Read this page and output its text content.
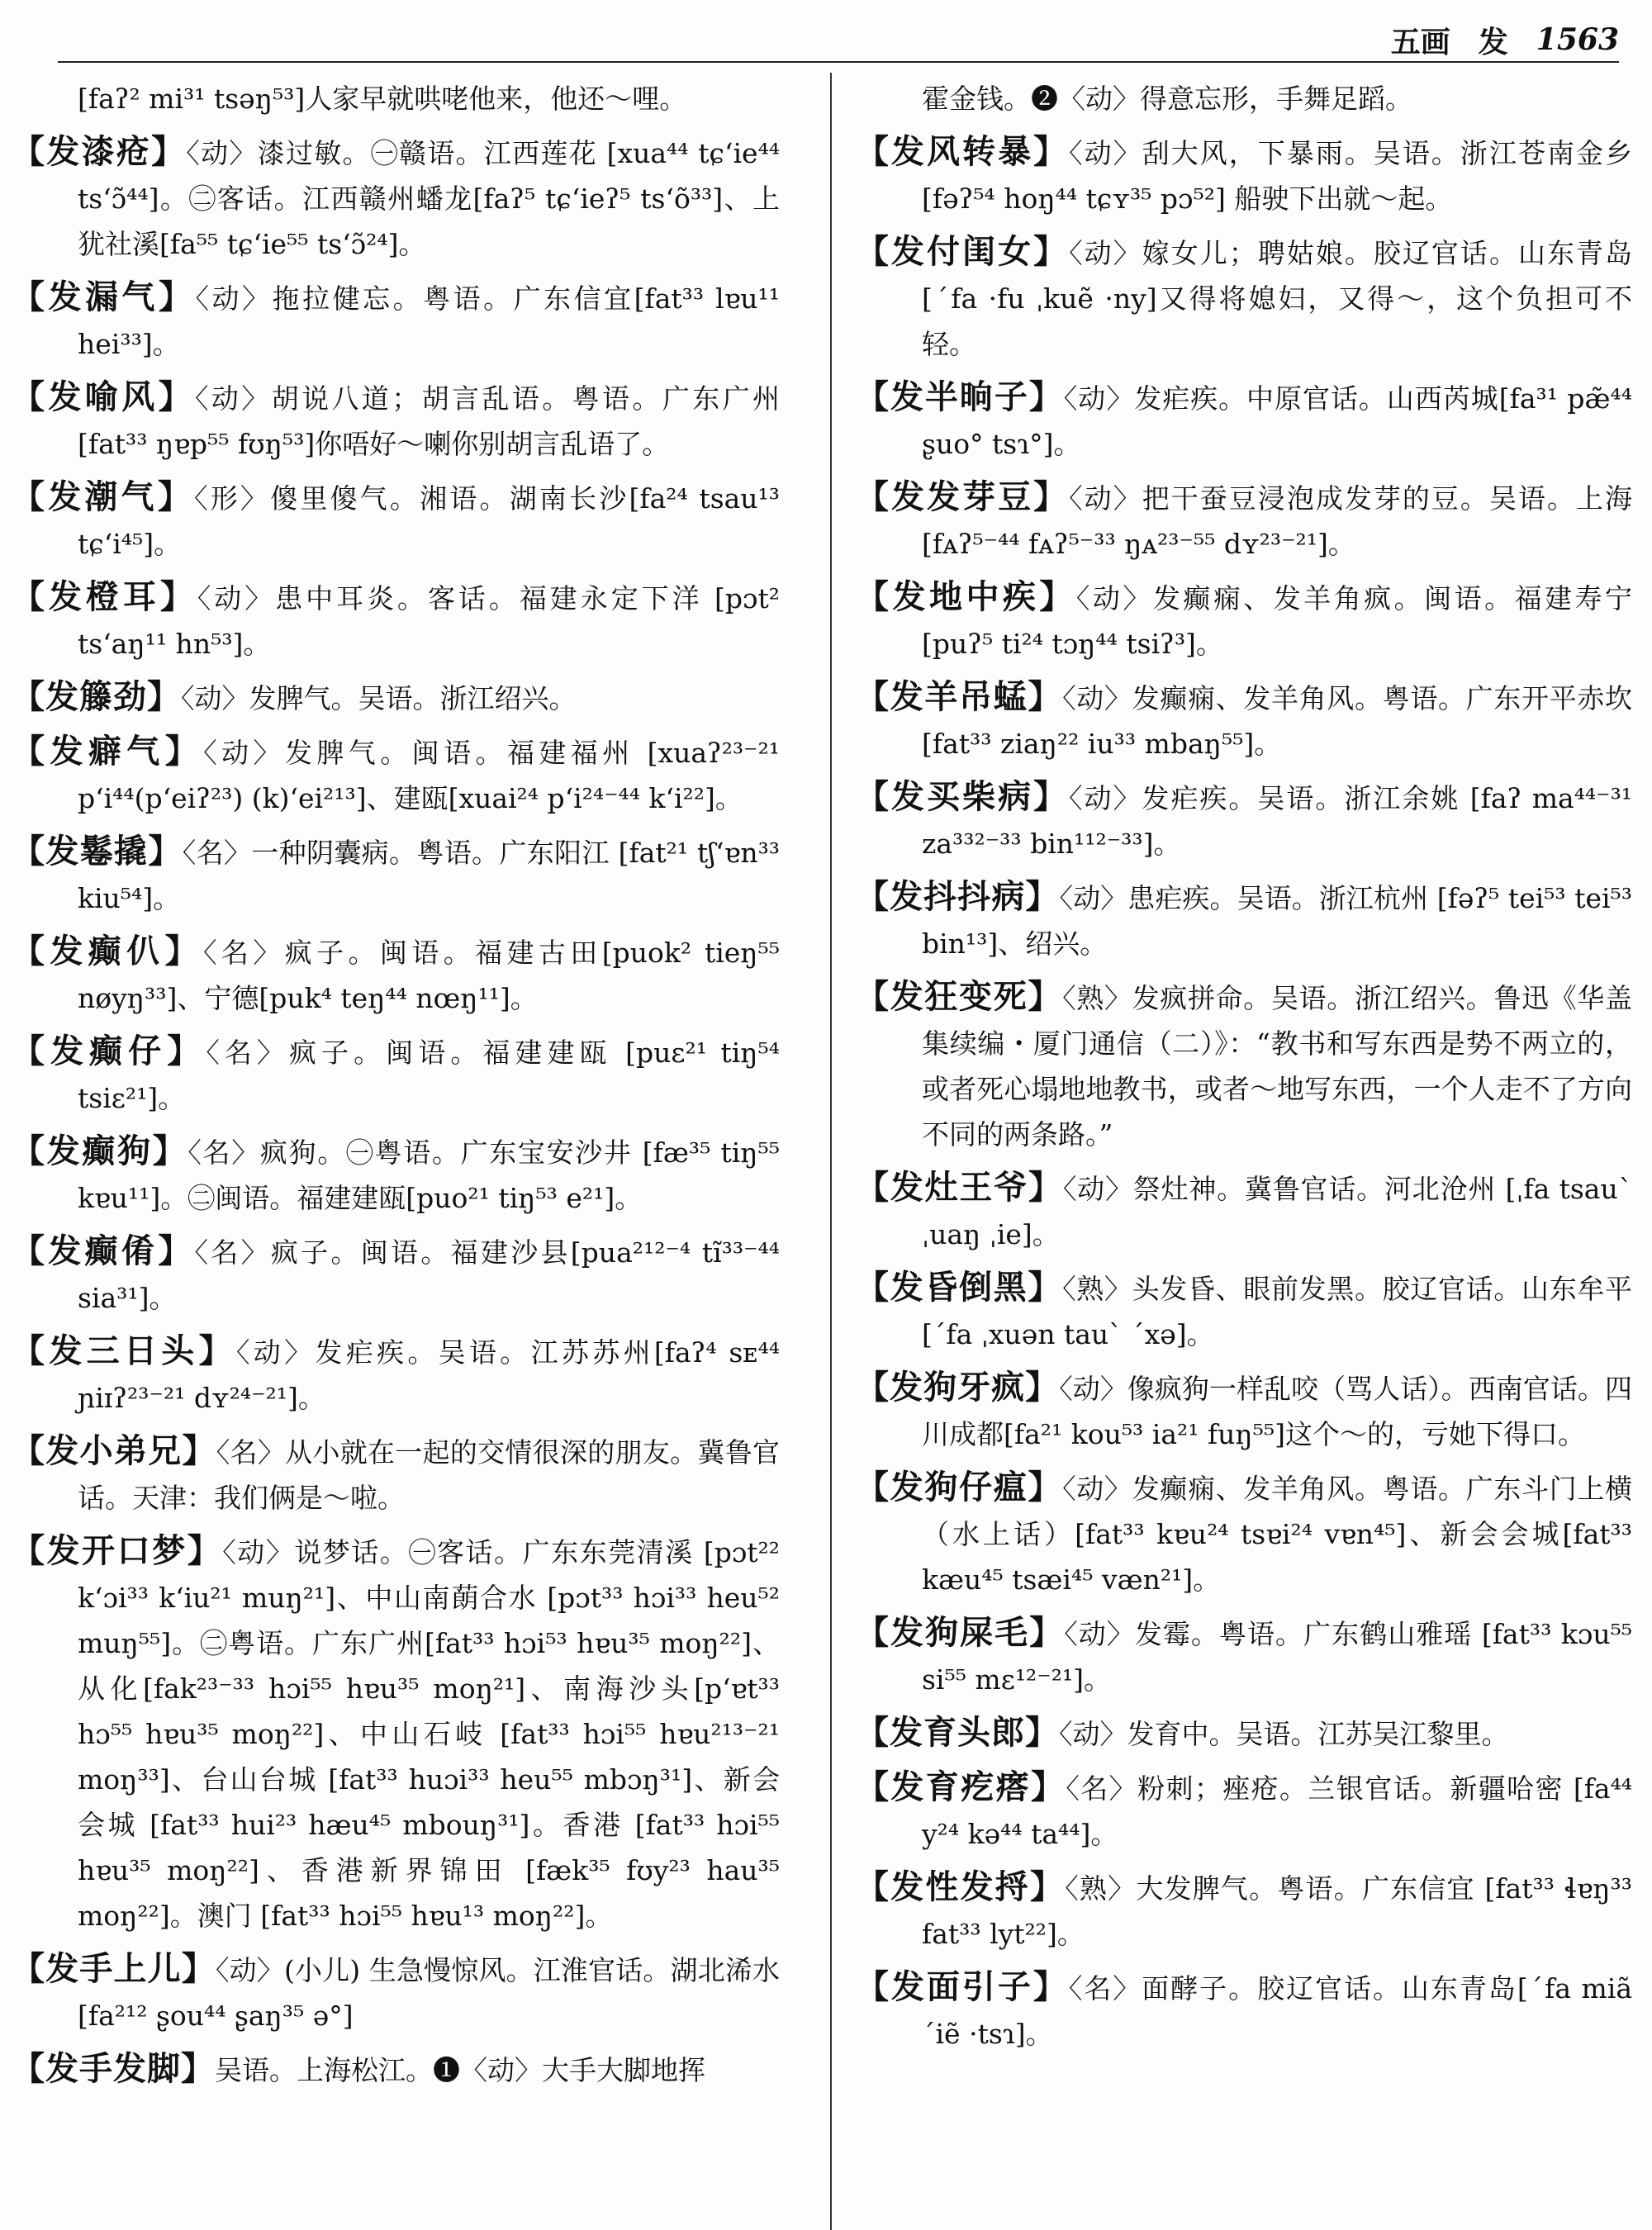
五画 发 1563

[faʔ² mi³¹ tsəŋ⁵³]人家早就哄咾他来，他还～哩。

【发漆疮】〈动〉漆过敏。㊀赣语。江西莲花 [xua⁴⁴ tɕʻie⁴⁴ tsʻɔ̃⁴⁴]。㊁客话。江西赣州蟠龙[faʔ⁵ tɕʻieʔ⁵ tsʻõ³³]、上犹社溪[fa⁵⁵ tɕʻie⁵⁵ tsʻɔ̃²⁴]。

【发漏气】〈动〉拖拉健忘。粤语。广东信宜[fat³³ lɐu¹¹ hei³³]。

【发喻风】〈动〉胡说八道；胡言乱语。粤语。广东广州[fat³³ ŋɐp⁵⁵ fʊŋ⁵³]你唔好～喇你别胡言乱语了。

【发潮气】〈形〉傻里傻气。湘语。湖南长沙[fa²⁴ tsau¹³ tɕʻi⁴⁵]。

【发橙耳】〈动〉患中耳炎。客话。福建永定下洋 [pɔt² tsʻaŋ¹¹ hn⁵³]。

【发籐劲】〈动〉发脾气。吴语。浙江绍兴。

【发癖气】〈动〉发脾气。闽语。福建福州 [xuaʔ²³⁻²¹ pʻi⁴⁴(pʻeiʔ²³) (k)ʻei²¹³]、建瓯[xuai²⁴ pʻi²⁴⁻⁴⁴ kʻi²²]。

【发鬈撬】〈名〉一种阴囊病。粤语。广东阳江 [fat²¹ tʃʻɐn³³ kiu⁵⁴]。

【发癫仈】〈名〉疯子。闽语。福建古田[puok² tieŋ⁵⁵ nøyŋ³³]、宁德[puk⁴ teŋ⁴⁴ nœŋ¹¹]。

【发癫仔】〈名〉疯子。闽语。福建建瓯 [puɛ²¹ tiŋ⁵⁴ tsiɛ²¹]。

【发癫狗】〈名〉疯狗。㊀粤语。广东宝安沙井 [fæ³⁵ tiŋ⁵⁵ kɐu¹¹]。㊁闽语。福建建瓯[puo²¹ tiŋ⁵³ e²¹]。

【发癫倄】〈名〉疯子。闽语。福建沙县[pua²¹²⁻⁴ tĩ³³⁻⁴⁴ sia³¹]。

【发三日头】〈动〉发疟疾。吴语。江苏苏州[faʔ⁴ sᴇ⁴⁴ ɲiɪʔ²³⁻²¹ dʏ²⁴⁻²¹]。

【发小弟兄】〈名〉从小就在一起的交情很深的朋友。冀鲁官话。天津：我们俩是～啦。

【发开口梦】〈动〉说梦话。㊀客话。广东东莞清溪 [pɔt²² kʻɔi³³ kʻiu²¹ muŋ²¹]、中山南蓢合水 [pɔt³³ hɔi³³ heu⁵² muŋ⁵⁵]。㊁粤语。广东广州[fat³³ hɔi⁵³ hɐu³⁵ moŋ²²]、从化[fak²³⁻³³ hɔi⁵⁵ hɐu³⁵ moŋ²¹]、南海沙头[pʻɐt³³ hɔ⁵⁵ hɐu³⁵ moŋ²²]、中山石岐 [fat³³ hɔi⁵⁵ hɐu²¹³⁻²¹ moŋ³³]、台山台城 [fat³³ huɔi³³ heu⁵⁵ mbɔŋ³¹]、新会会城 [fat³³ hui²³ hæu⁴⁵ mbouŋ³¹]。香港 [fat³³ hɔi⁵⁵ hɐu³⁵ moŋ²²]、香港新界锦田 [fæk³⁵ fʊy²³ hau³⁵ moŋ²²]。澳门 [fat³³ hɔi⁵⁵ hɐu¹³ moŋ²²]。

【发手上儿】〈动〉(小儿) 生急慢惊风。江淮官话。湖北浠水[fa²¹² ʂou⁴⁴ ʂaŋ³⁵ ə°]

【发手发脚】吴语。上海松江。❶〈动〉大手大脚地挥

霍金钱。❷〈动〉得意忘形，手舞足蹈。

【发风转暴】〈动〉刮大风，下暴雨。吴语。浙江苍南金乡[fəʔ⁵⁴ hoŋ⁴⁴ tɕʏ³⁵ pɔ⁵²] 船驶下出就～起。

【发付闺女】〈动〉嫁女儿；聘姑娘。胶辽官话。山东青岛[ˊfa ·fu ˌkuẽ ·ny]又得将媳妇，又得～，这个负担可不轻。

【发半晌子】〈动〉发疟疾。中原官话。山西芮城[fa³¹ pæ̃⁴⁴ ʂuo° tsɿ°]。

【发发芽豆】〈动〉把干蚕豆浸泡成发芽的豆。吴语。上海 [fᴀʔ⁵⁻⁴⁴ fᴀʔ⁵⁻³³ ŋᴀ²³⁻⁵⁵ dʏ²³⁻²¹]。

【发地中疾】〈动〉发癫痫、发羊角疯。闽语。福建寿宁[puʔ⁵ ti²⁴ tɔŋ⁴⁴ tsiʔ³]。

【发羊吊蜢】〈动〉发癫痫、发羊角风。粤语。广东开平赤坎[fat³³ ziaŋ²² iu³³ mbaŋ⁵⁵]。

【发买柴病】〈动〉发疟疾。吴语。浙江余姚 [faʔ ma⁴⁴⁻³¹ za³³²⁻³³ bin¹¹²⁻³³]。

【发抖抖病】〈动〉患疟疾。吴语。浙江杭州 [fəʔ⁵ tei⁵³ tei⁵³ bin¹³]、绍兴。

【发狂变死】〈熟〉发疯拼命。吴语。浙江绍兴。鲁迅《华盖集续编・厦门通信（二）》：“教书和写东西是势不两立的，或者死心塌地地教书，或者～地写东西，一个人走不了方向不同的两条路。”

【发灶王爷】〈动〉祭灶神。冀鲁官话。河北沧州 [ˌfa tsauˋ ˌuaŋ ˌie]。

【发昏倒黑】〈熟〉头发昏、眼前发黑。胶辽官话。山东牟平[ˊfa ˌxuən tauˋ ˊxə]。

【发狗牙疯】〈动〉像疯狗一样乱咬（骂人话）。西南官话。四川成都[fa²¹ kou⁵³ ia²¹ fuŋ⁵⁵]这个～的，亏她下得口。

【发狗仔瘟】〈动〉发癫痫、发羊角风。粤语。广东斗门上横（水上话）[fat³³ kɐu²⁴ tsɐi²⁴ vɐn⁴⁵]、新会会城[fat³³ kæu⁴⁵ tsæi⁴⁵ væn²¹]。

【发狗屎毛】〈动〉发霉。粤语。广东鹤山雅瑶 [fat³³ kɔu⁵⁵ si⁵⁵ mɛ¹²⁻²¹]。

【发育头郎】〈动〉发育中。吴语。江苏吴江黎里。

【发育疙瘩】〈名〉粉刺；痤疮。兰银官话。新疆哈密 [fa⁴⁴ y²⁴ kə⁴⁴ ta⁴⁴]。

【发性发捋】〈熟〉大发脾气。粤语。广东信宜 [fat³³ ɬɐŋ³³ fat³³ lyt²²]。

【发面引子】〈名〉面酵子。胶辽官话。山东青岛[ˊfa miã ˊiẽ ·tsɿ]。
